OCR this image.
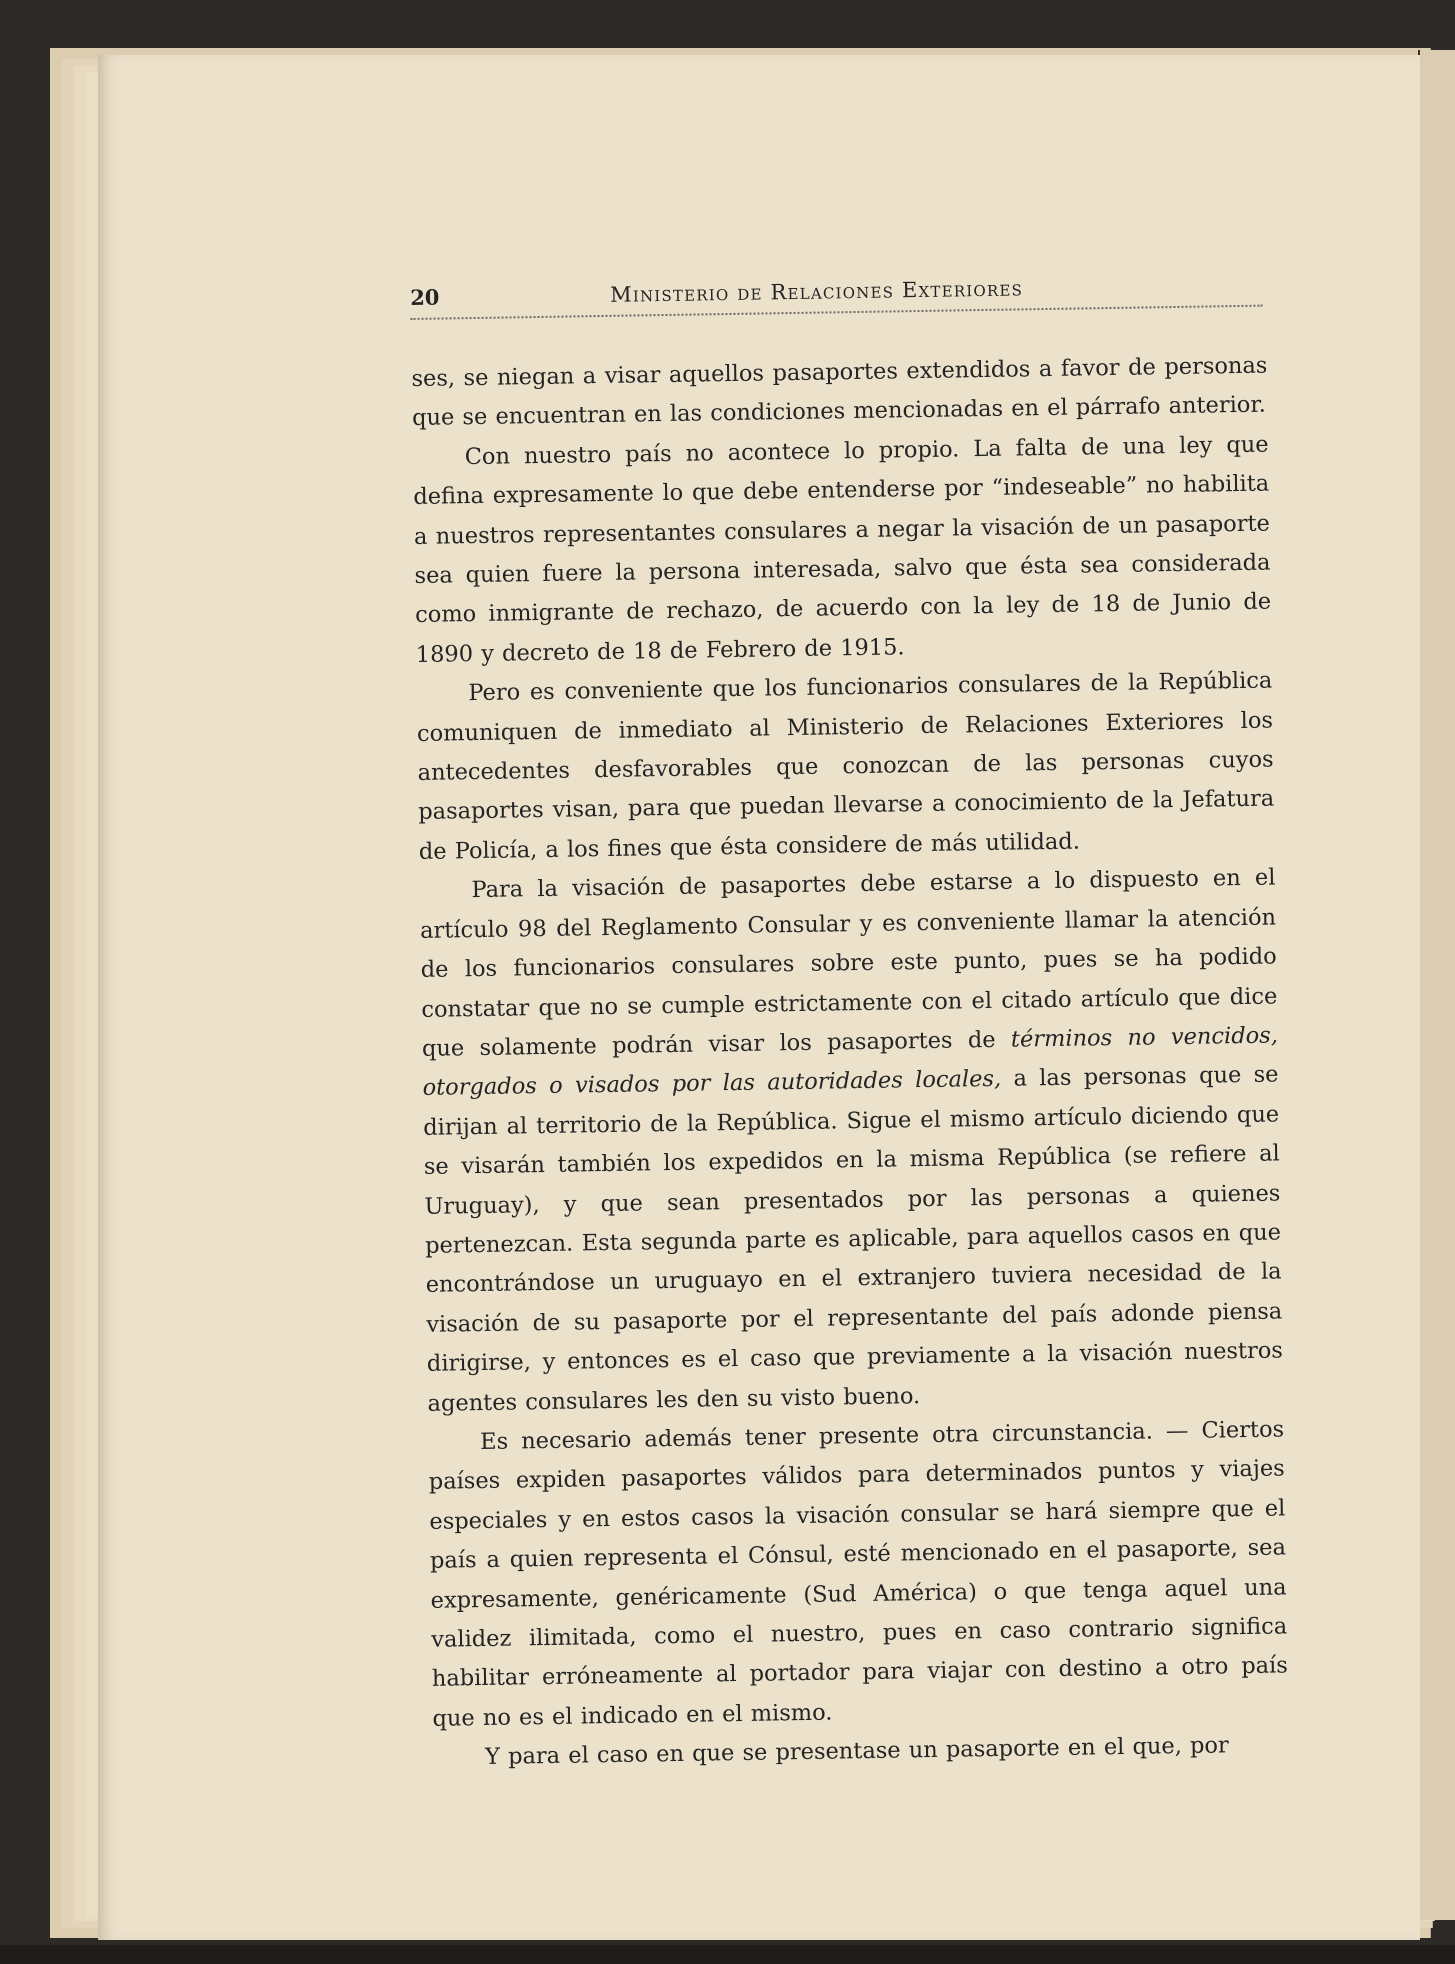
20	Ministerio de Relaciones Exteriores

ses, se niegan a visar aquellos pasaportes extendidos a favor de personas que se encuentran en las condiciones mencionadas en el párrafo anterior.

Con nuestro país no acontece lo propio. La falta de una ley que defina expresamente lo que debe entenderse por “indeseable” no habilita a nuestros representantes consulares a negar la visación de un pasaporte sea quien fuere la persona interesada, salvo que ésta sea considerada como inmigrante de rechazo, de acuerdo con la ley de 18 de Junio de 1890 y decreto de 18 de Febrero de 1915.

Pero es conveniente que los funcionarios consulares de la República comuniquen de inmediato al Ministerio de Relaciones Exteriores los antecedentes desfavorables que conozcan de las personas cuyos pasaportes visan, para que puedan llevarse a conocimiento de la Jefatura de Policía, a los fines que ésta considere de más utilidad.

Para la visación de pasaportes debe estarse a lo dispuesto en el artículo 98 del Reglamento Consular y es conveniente llamar la atención de los funcionarios consulares sobre este punto, pues se ha podido constatar que no se cumple estrictamente con el citado artículo que dice que solamente podrán visar los pasaportes de términos no vencidos, otorgados o visados por las autoridades locales, a las personas que se dirijan al territorio de la República. Sigue el mismo artículo diciendo que se visarán también los expedidos en la misma República (se refiere al Uruguay), y que sean presentados por las personas a quienes pertenezcan. Esta segunda parte es aplicable, para aquellos casos en que encontrándose un uruguayo en el extranjero tuviera necesidad de la visación de su pasaporte por el representante del país adonde piensa dirigirse, y entonces es el caso que previamente a la visación nuestros agentes consulares les den su visto bueno.

Es necesario además tener presente otra circunstancia. — Ciertos países expiden pasaportes válidos para determinados puntos y viajes especiales y en estos casos la visación consular se hará siempre que el país a quien representa el Cónsul, esté mencionado en el pasaporte, sea expresamente, genéricamente (Sud América) o que tenga aquel una validez ilimitada, como el nuestro, pues en caso contrario significa habilitar erróneamente al portador para viajar con destino a otro país que no es el indicado en el mismo.

Y para el caso en que se presentase un pasaporte en el que, por
